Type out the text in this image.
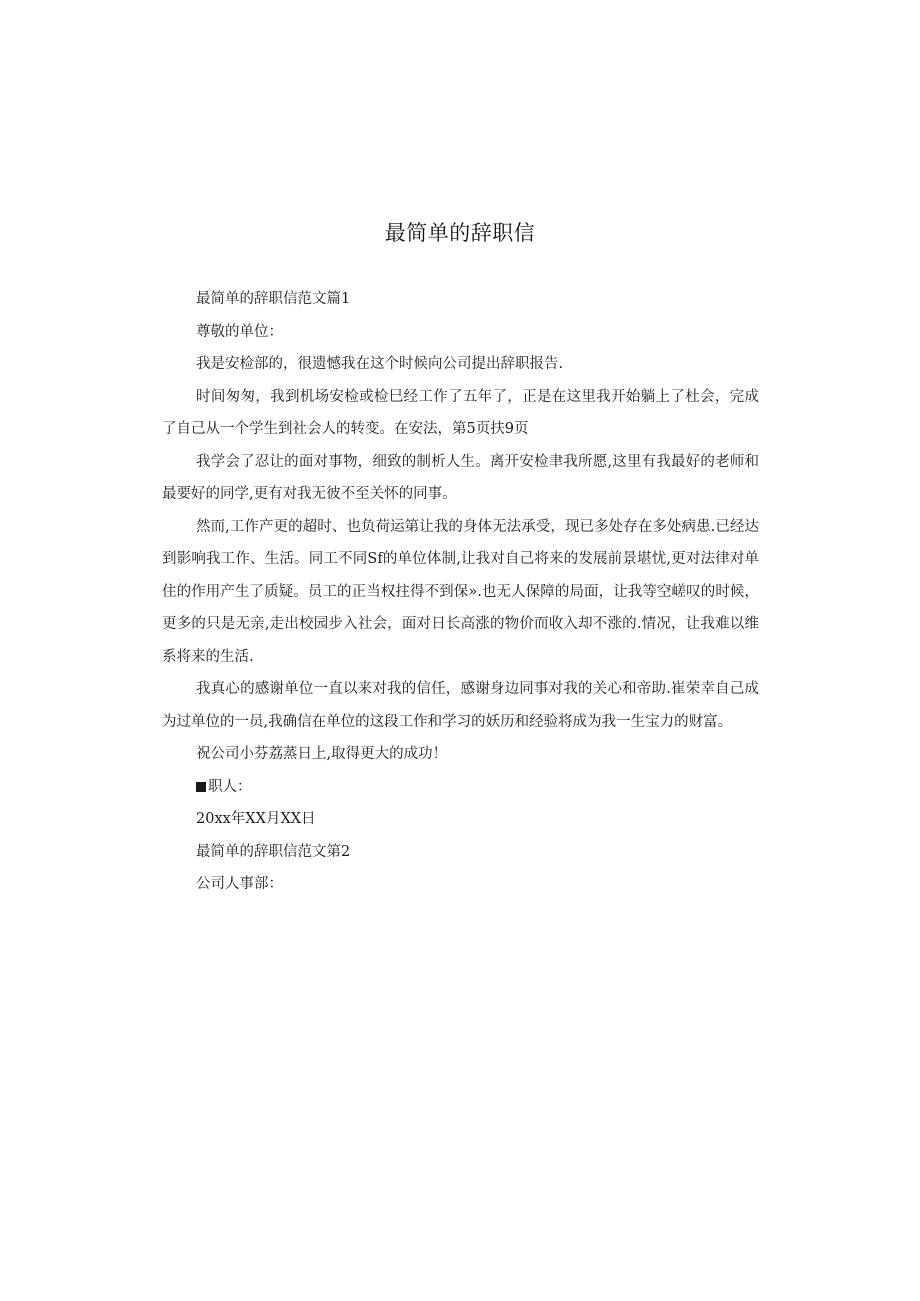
最简单的辞职信

最简单的辞职信范文篇1

尊敬的单位：

我是安检部的，很遗憾我在这个时候向公司提出辞职报告.

时间匆匆，我到机场安检或检巳经工作了五年了，正是在这里我开始躺上了杜会，完成了自己从一个学生到社会人的转变。在安法，第5页扶9页

我学会了忍让的面对事物，细致的制析人生。离开安检聿我所愿,这里有我最好的老师和最要好的同学,更有对我无彼不至关怀的同事。

然而,工作产更的超时、也负荷运第让我的身体无法承受，现已多处存在多处病患.已经达到影响我工作、生活。同工不同Sf的单位体制,让我对自己将来的发展前景堪忧,更对法律对单住的作用产生了质疑。员工的正当权拄得不到保».也无人保障的局面，让我等空嵯叹的时候，更多的只是无亲,走出校园步入社会，面对日长高涨的物价而收入却不涨的.情况，让我难以维系将来的生活.

我真心的感谢单位一直以来对我的信任，感谢身边同事对我的关心和帝助.崔荣幸自己成为过单位的一员,我确信在单位的这段工作和学习的妖历和经验将成为我一生宝力的财富。

祝公司小芬荔蒸日上,取得更大的成功！

职人：

20xx年XX月XX日

最简单的辞职信范文第2

公司人事部：
